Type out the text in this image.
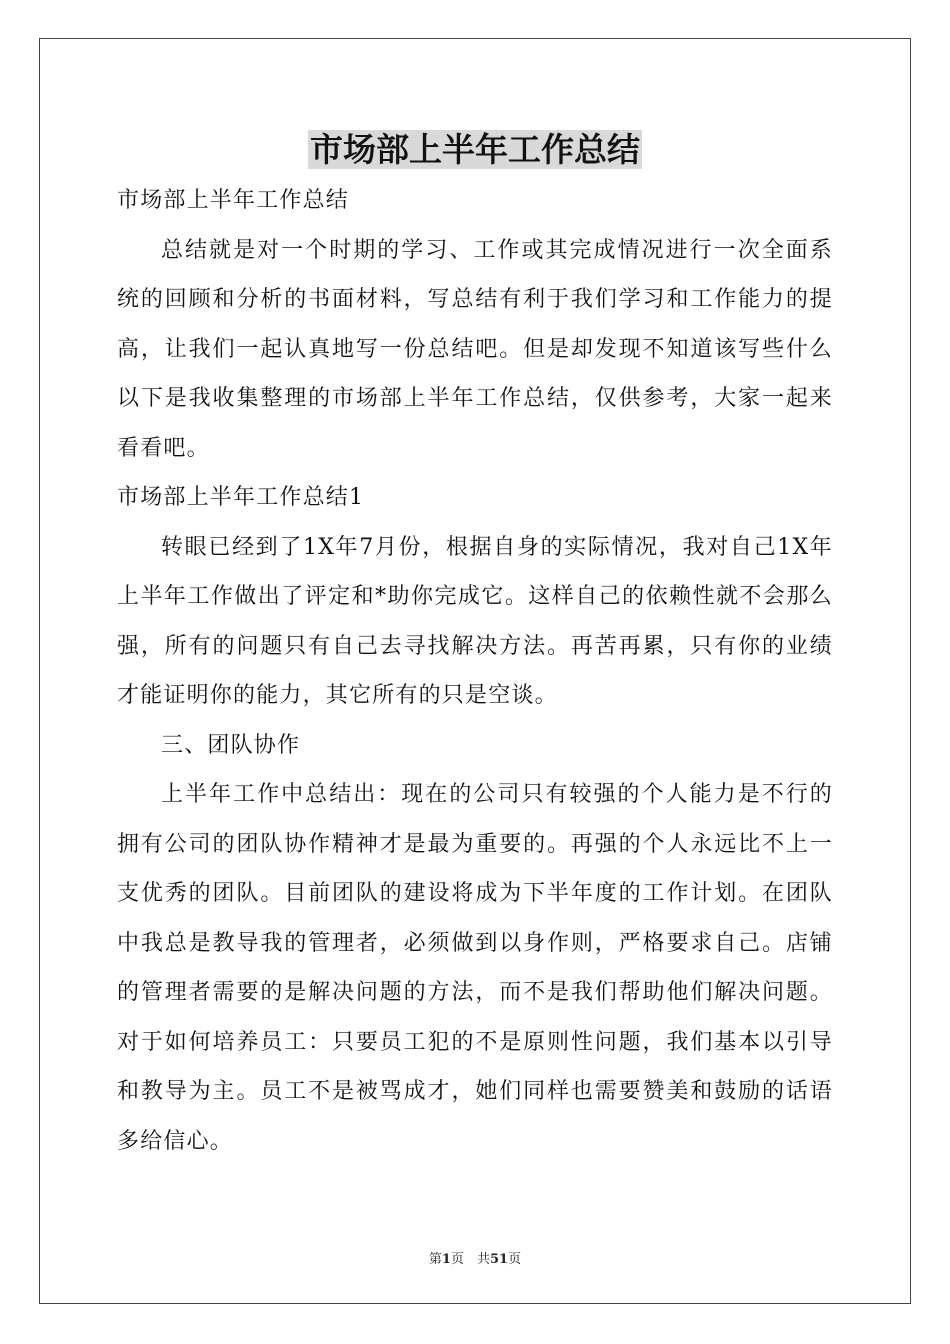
市场部上半年工作总结

市场部上半年工作总结

总结就是对一个时期的学习、工作或其完成情况进行一次全面系统的回顾和分析的书面材料，写总结有利于我们学习和工作能力的提高，让我们一起认真地写一份总结吧。但是却发现不知道该写些什么以下是我收集整理的市场部上半年工作总结，仅供参考，大家一起来看看吧。

市场部上半年工作总结1

转眼已经到了1X年7月份，根据自身的实际情况，我对自己1X年上半年工作做出了评定和*助你完成它。这样自己的依赖性就不会那么强，所有的问题只有自己去寻找解决方法。再苦再累，只有你的业绩才能证明你的能力，其它所有的只是空谈。

三、团队协作

上半年工作中总结出：现在的公司只有较强的个人能力是不行的拥有公司的团队协作精神才是最为重要的。再强的个人永远比不上一支优秀的团队。目前团队的建设将成为下半年度的工作计划。在团队中我总是教导我的管理者，必须做到以身作则，严格要求自己。店铺的管理者需要的是解决问题的方法，而不是我们帮助他们解决问题。对于如何培养员工：只要员工犯的不是原则性问题，我们基本以引导和教导为主。员工不是被骂成才，她们同样也需要赞美和鼓励的话语多给信心。

第1页　共51页
